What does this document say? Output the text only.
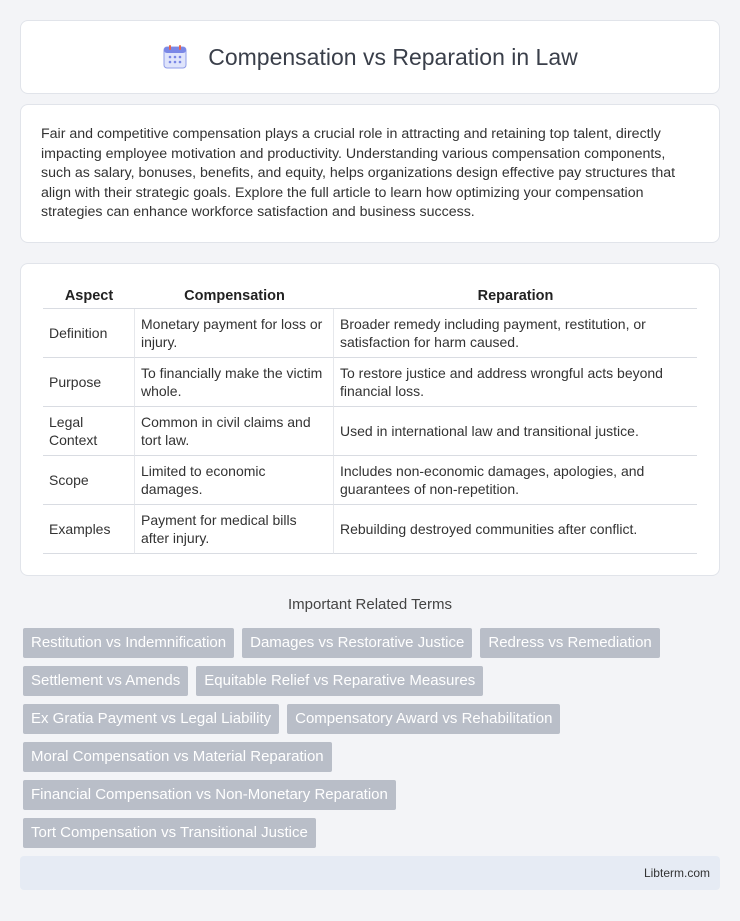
Compensation vs Reparation in Law

Fair and competitive compensation plays a crucial role in attracting and retaining top talent, directly impacting employee motivation and productivity. Understanding various compensation components, such as salary, bonuses, benefits, and equity, helps organizations design effective pay structures that align with their strategic goals. Explore the full article to learn how optimizing your compensation strategies can enhance workforce satisfaction and business success.

Aspect	Compensation	Reparation
Definition	Monetary payment for loss or injury.	Broader remedy including payment, restitution, or satisfaction for harm caused.
Purpose	To financially make the victim whole.	To restore justice and address wrongful acts beyond financial loss.
Legal Context	Common in civil claims and tort law.	Used in international law and transitional justice.
Scope	Limited to economic damages.	Includes non-economic damages, apologies, and guarantees of non-repetition.
Examples	Payment for medical bills after injury.	Rebuilding destroyed communities after conflict.
Important Related Terms
Restitution vs Indemnification	Damages vs Restorative Justice	Redress vs Remediation
Settlement vs Amends	Equitable Relief vs Reparative Measures
Ex Gratia Payment vs Legal Liability	Compensatory Award vs Rehabilitation
Moral Compensation vs Material Reparation
Financial Compensation vs Non-Monetary Reparation
Tort Compensation vs Transitional Justice
Libterm.com
